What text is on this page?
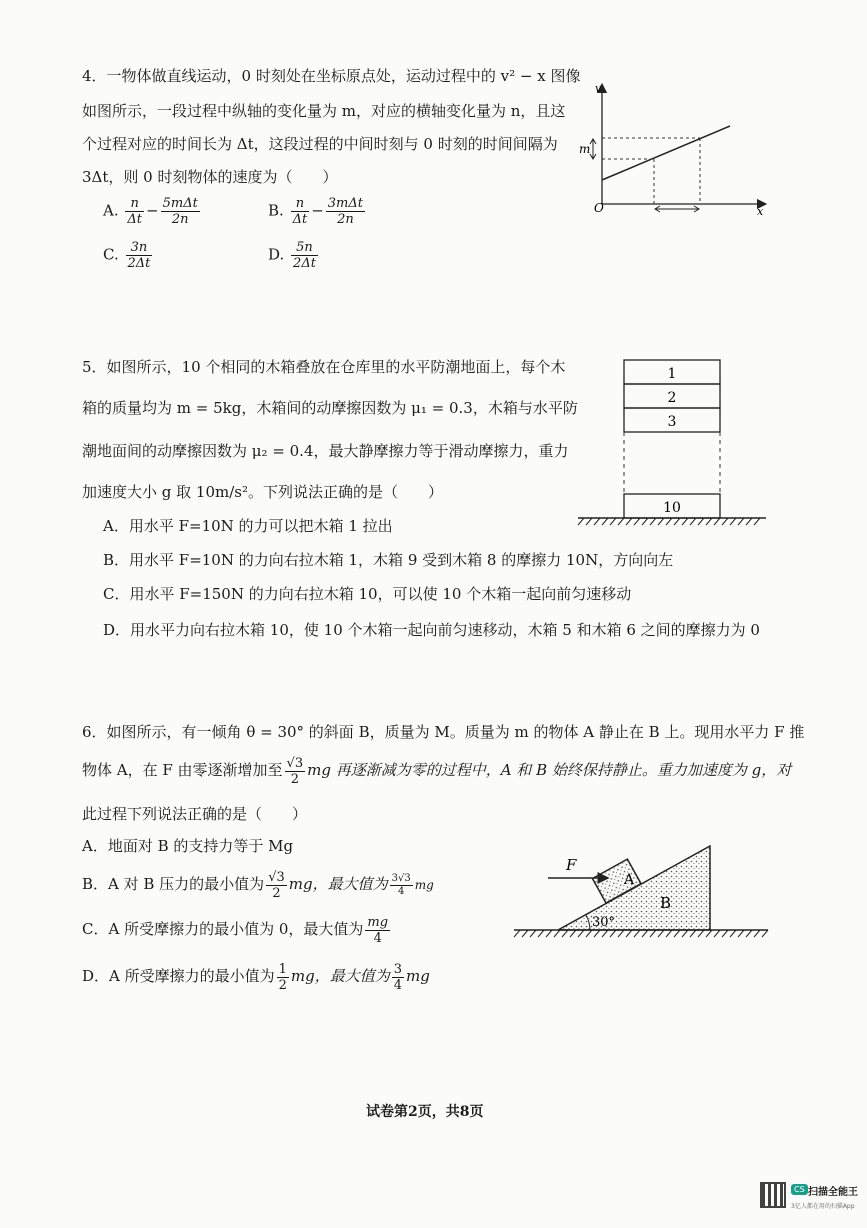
4．一物体做直线运动，0 时刻处在坐标原点处，运动过程中的 v² − x 图像
如图所示，一段过程中纵轴的变化量为 m，对应的横轴变化量为 n，且这
个过程对应的时间长为 Δt，这段过程的中间时刻与 0 时刻的时间间隔为
3Δt，则 0 时刻物体的速度为（　　）
A. $\frac{n}{\Delta t} - \frac{\text{5mΔt}}{2n}$	B. $\frac{n}{\Delta t} - \frac{\text{3mΔt}}{2n}$
C. $\frac{3n}{2\Delta t}$	D. $\frac{5n}{2\Delta t}$
v
x
O
m
5．如图所示，10 个相同的木箱叠放在仓库里的水平防潮地面上，每个木
箱的质量均为 m = 5kg，木箱间的动摩擦因数为 μ₁ = 0.3，木箱与水平防
潮地面间的动摩擦因数为 μ₂ = 0.4，最大静摩擦力等于滑动摩擦力，重力
加速度大小 g 取 10m/s²。下列说法正确的是（　　）
A．用水平 F=10N 的力可以把木箱 1 拉出
B．用水平 F=10N 的力向右拉木箱 1，木箱 9 受到木箱 8 的摩擦力 10N，方向向左
C．用水平 F=150N 的力向右拉木箱 10，可以使 10 个木箱一起向前匀速移动
D．用水平力向右拉木箱 10，使 10 个木箱一起向前匀速移动，木箱 5 和木箱 6 之间的摩擦力为 0
1
2
3
10
6．如图所示，有一倾角 θ = 30° 的斜面 B，质量为 M。质量为 m 的物体 A 静止在 B 上。现用水平力 F 推
物体 A，在 F 由零逐渐增加至 $\frac{√3}{2}$ mg 再逐渐减为零的过程中，A 和 B 始终保持静止。重力加速度为 g，对
此过程下列说法正确的是（　　）
A．地面对 B 的支持力等于 Mg
B．A 对 B 压力的最小值为 $\frac{√3}{2}$ mg，最大值为 $\frac{3√3}{4}$ mg
C．A 所受摩擦力的最小值为 0，最大值为 $\frac{mg}{4}$
D．A 所受摩擦力的最小值为 $\frac{1}{2}$ mg，最大值为 $\frac{3}{4}$ mg
F
A
B
30°
试卷第2页，共8页
CS 扫描全能王
3亿人都在用的扫描App
